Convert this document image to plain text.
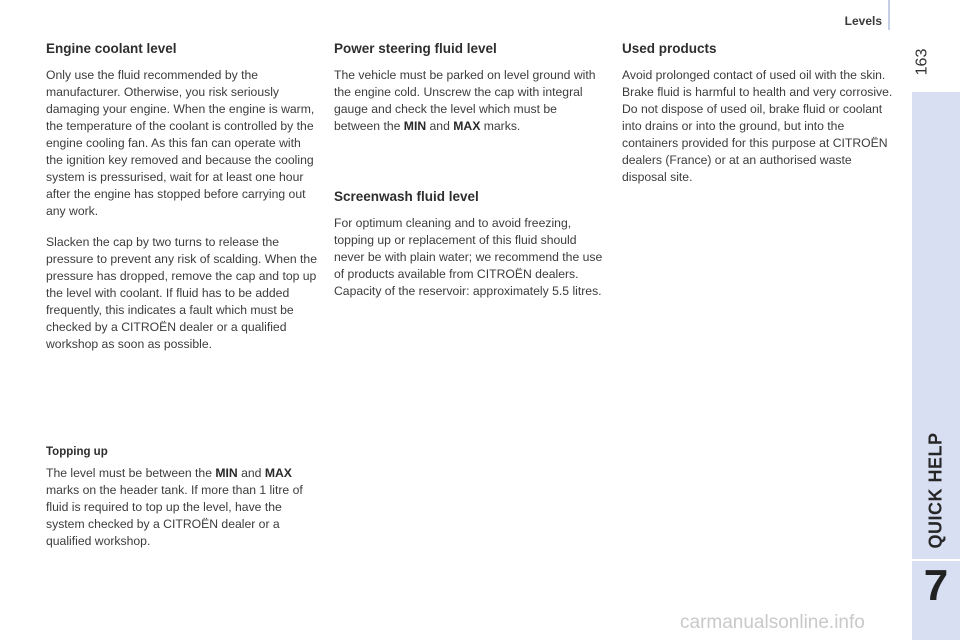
Levels
163
QUICK HELP
7
Engine coolant level

Only use the fluid recommended by the manufacturer. Otherwise, you risk seriously damaging your engine. When the engine is warm, the temperature of the coolant is controlled by the engine cooling fan. As this fan can operate with the ignition key removed and because the cooling system is pressurised, wait for at least one hour after the engine has stopped before carrying out any work.

Slacken the cap by two turns to release the pressure to prevent any risk of scalding. When the pressure has dropped, remove the cap and top up the level with coolant. If fluid has to be added frequently, this indicates a fault which must be checked by a CITROËN dealer or a qualified workshop as soon as possible.

Topping up

The level must be between the MIN and MAX marks on the header tank. If more than 1 litre of fluid is required to top up the level, have the system checked by a CITROËN dealer or a qualified workshop.

Power steering fluid level

The vehicle must be parked on level ground with the engine cold. Unscrew the cap with integral gauge and check the level which must be between the MIN and MAX marks.

Screenwash fluid level

For optimum cleaning and to avoid freezing, topping up or replacement of this fluid should never be with plain water; we recommend the use of products available from CITROËN dealers.

Capacity of the reservoir: approximately 5.5 litres.

Used products

Avoid prolonged contact of used oil with the skin.

Brake fluid is harmful to health and very corrosive.

Do not dispose of used oil, brake fluid or coolant into drains or into the ground, but into the containers provided for this purpose at CITROËN dealers (France) or at an authorised waste disposal site.

carmanualsonline.info
